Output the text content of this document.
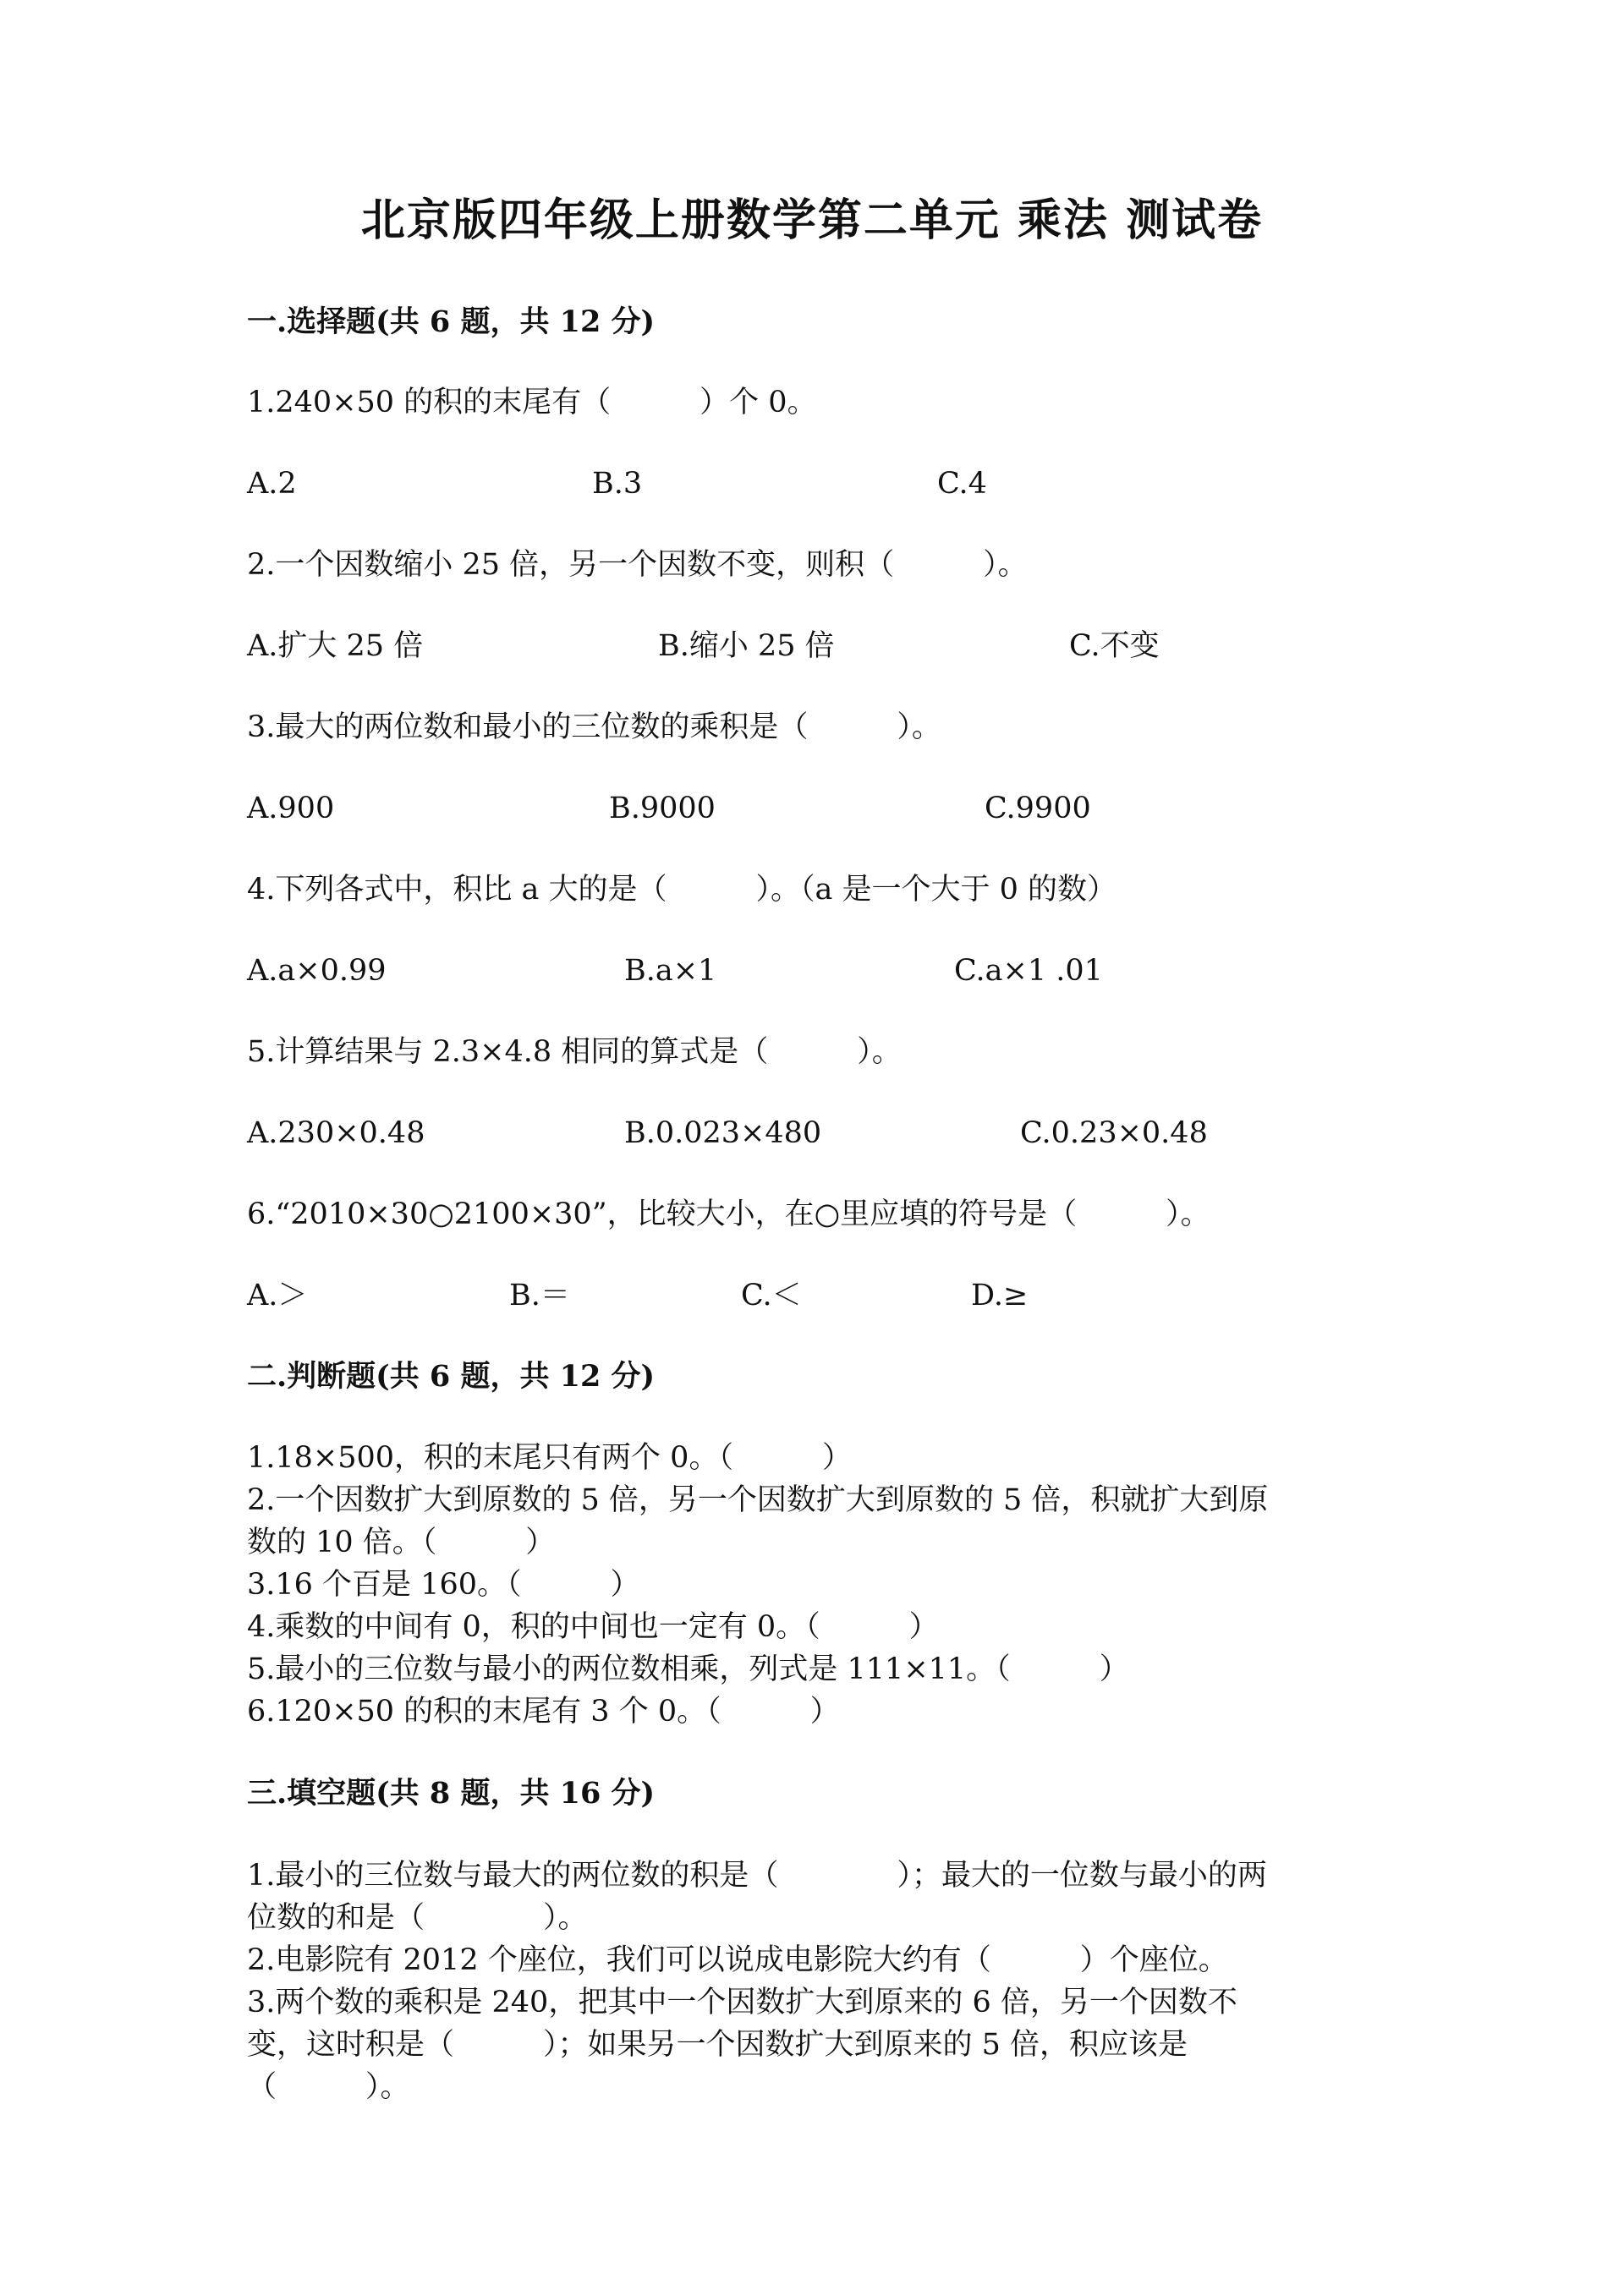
北京版四年级上册数学第二单元 乘法 测试卷
一.选择题(共 6 题，共 12 分)
1.240×50 的积的末尾有（　　　）个 0。
A.2	B.3	C.4
2.一个因数缩小 25 倍，另一个因数不变，则积（　　　）。
A.扩大 25 倍	B.缩小 25 倍	C.不变
3.最大的两位数和最小的三位数的乘积是（　　　）。
A.900	B.9000	C.9900
4.下列各式中，积比 a 大的是（　　　）。（a 是一个大于 0 的数）
A.a×0.99	B.a×1	C.a×1 .01
5.计算结果与 2.3×4.8 相同的算式是（　　　）。
A.230×0.48	B.0.023×480	C.0.23×0.48
6.“2010×30○2100×30”，比较大小，在○里应填的符号是（　　　）。
A.＞	B.＝	C.＜	D.≥
二.判断题(共 6 题，共 12 分)
1.18×500，积的末尾只有两个 0。（　　　）
2.一个因数扩大到原数的 5 倍，另一个因数扩大到原数的 5 倍，积就扩大到原
数的 10 倍。（　　　）
3.16 个百是 160。（　　　）
4.乘数的中间有 0，积的中间也一定有 0。（　　　）
5.最小的三位数与最小的两位数相乘，列式是 111×11。（　　　）
6.120×50 的积的末尾有 3 个 0。（　　　）
三.填空题(共 8 题，共 16 分)
1.最小的三位数与最大的两位数的积是（　　　　）；最大的一位数与最小的两
位数的和是（　　　　）。
2.电影院有 2012 个座位，我们可以说成电影院大约有（　　　）个座位。
3.两个数的乘积是 240，把其中一个因数扩大到原来的 6 倍，另一个因数不
变，这时积是（　　　）；如果另一个因数扩大到原来的 5 倍，积应该是
（　　　）。
